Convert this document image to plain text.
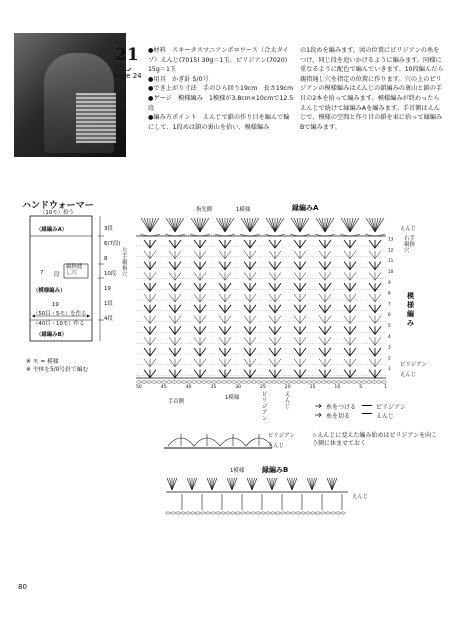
21
page 24

●材料　スキータスマニアンポロワース（合太タイプ）えんじ(7015) 30g＝1玉、ピリジアン(7020) 15g＝1玉

●用具　かぎ針 5/0号

●でき上がり寸法　手のひら回り19cm　長さ19cm

●ゲージ　模様編み　1模様が3.8cm×10cmで12.5段

●編み方ポイント　えんじで鎖の作り目を編んで輪にして、1段めは鎖の裏山を拾い、模様編み

の1段めを編みます。図の位置にピリジアンの糸をつけ、同じ段を追いかけるように編みます。同様に重なるように配色で編んでいきます。10段編んだら親指通し穴を指定の位置に作ります。穴の上のピリジアンの模様編みはえんじの鎖編みの裏山と鎖の手目の2本を拾って編みます。模様編みが終わったらえんじで続けて縁編みAを編みます。手首側はえんじで、模様の空間と作り目の鎖を束に拾って縁編みBで編みます。
ハンドウォーマー
（10モ）拾う
（縁編みA）
親指通し穴
段
7
（模様編み）
19
（50目・5モ）を作る
（40目・10モ）作る
（縁編みB）
3段
6(7段)
8
10段
19
1段
4段
※ モ = 模様
※ 全体を5/0号針で編む
縁編みA
指先側	1模様
左手親指穴
右手親指穴
模様編み
えんじ
ピリジアン
えんじ
50	45	40	35	30	25	20	15	10	5	1
1
2
3
4
5
6
7
8
9
10
11
12
13
手首側
1模様	ピリジアン
えんじ	糸をつける
糸を切る
ピリジアン
えんじ
☆えんじに変えた編み始めはピリジアンを向こう側に休ませておく
ピリジアン
えんじ
1模様	縁編みB
えんじ
80
